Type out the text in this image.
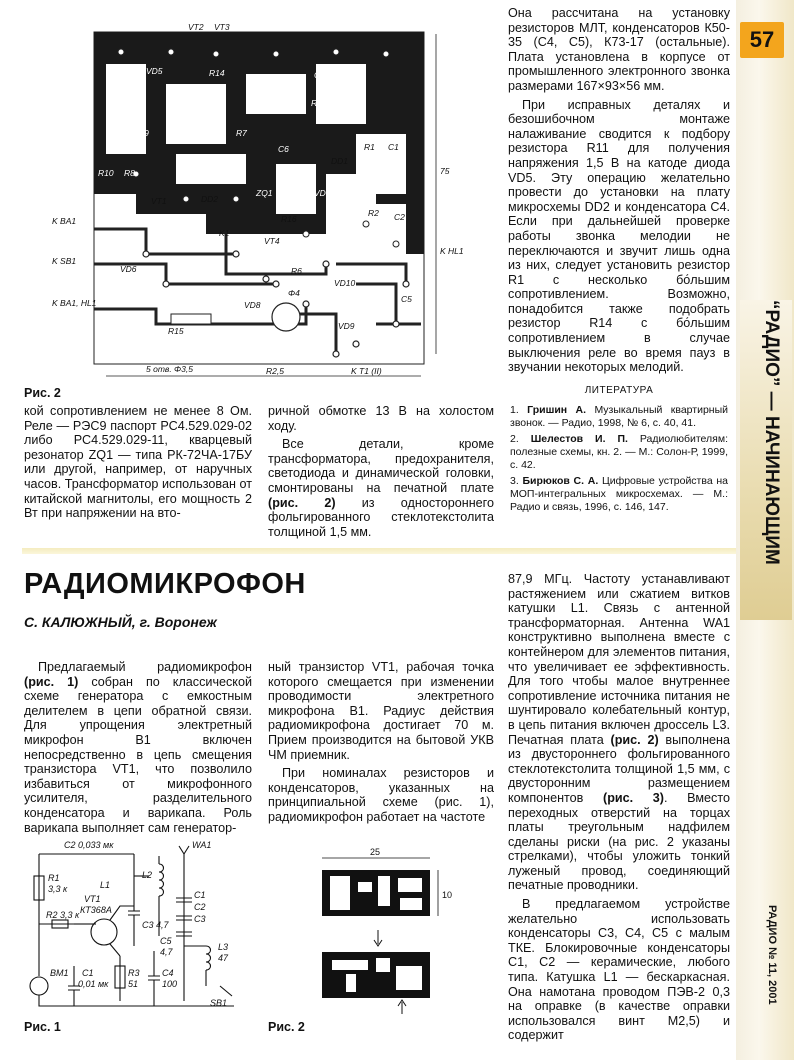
57
“РАДИО” — НАЧИНАЮЩИМ
РАДИО № 11, 2001
VT2 VT3
R11
VD5	R14
R13	C3
VD7
R5
VD2
R12
R9	R7
C4
C6
DD1
R1 C1
R10 R8
VT1	DD2
ZQ1
R16
VD3
R4
VD1
R2 C2
K BA1
K SB1
VD6
K1
VT4
R6
VD10
VD8
Φ4
C5
K BA1, HL1
R15	VD9
K T1 (II)
5 отв. Φ3,5	R2,5
75
K HL1
Рис. 2

кой сопротивлением не менее 8 Ом. Реле — РЭС9 паспорт РС4.529.029-02 либо РС4.529.029-11, кварцевый резонатор ZQ1 — типа РК-72ЧА-17БУ или другой, например, от наручных часов. Трансформатор использован от китайской магнитолы, его мощность 2 Вт при напряжении на вто-

ричной обмотке 13 В на холостом ходу.

Все детали, кроме трансформатора, предохранителя, светодиода и динамической головки, смонтированы на печатной плате (рис. 2) из одностороннего фольгированного стеклотекстолита толщиной 1,5 мм.

Она рассчитана на установку резисторов МЛТ, конденсаторов К50-35 (С4, С5), К73-17 (остальные). Плата установлена в корпусе от промышленного электронного звонка размерами 167×93×56 мм.

При исправных деталях и безошибочном монтаже налаживание сводится к подбору резистора R11 для получения напряжения 1,5 В на катоде диода VD5. Эту операцию желательно провести до установки на плату микросхемы DD2 и конденсатора С4. Если при дальнейшей проверке работы звонка мелодии не переключаются и звучит лишь одна из них, следует установить резистор R1 с несколько бо́льшим сопротивлением. Возможно, понадобится также подобрать резистор R14 с бо́льшим сопротивлением в случае выключения реле во время пауз в звучании некоторых мелодий.

ЛИТЕРАТУРА

1. Гришин А. Музыкальный квартирный звонок. — Радио, 1998, № 6, с. 40, 41.

2. Шелестов И. П. Радиолюбителям: полезные схемы, кн. 2. — М.: Солон-Р, 1999, с. 42.

3. Бирюков С. А. Цифровые устройства на МОП-интегральных микросхемах. — М.: Радио и связь, 1996, с. 146, 147.

РАДИОМИКРОФОН
С. КАЛЮЖНЫЙ, г. Воронеж

Предлагаемый радиомикрофон (рис. 1) собран по классической схеме генератора с емкостным делителем в цепи обратной связи. Для упрощения электретный микрофон В1 включен непосредственно в цепь смещения транзистора VT1, что позволило избавиться от микрофонного усилителя, разделительного конденсатора и варикапа. Роль варикапа выполняет сам генератор-

ный транзистор VT1, рабочая точка которого смещается при изменении проводимости электретного микрофона В1. Радиус действия радиомикрофона достигает 70 м. Прием производится на бытовой УКВ ЧМ приемник.

При номиналах резисторов и конденсаторов, указанных на принципиальной схеме (рис. 1), радиомикрофон работает на частоте

87,9 МГц. Частоту устанавливают растяжением или сжатием витков катушки L1. Связь с антенной трансформаторная. Антенна WA1 конструктивно выполнена вместе с контейнером для элементов питания, что увеличивает ее эффективность. Для того чтобы малое внутреннее сопротивление источника питания не шунтировало колебательный контур, в цепь питания включен дроссель L3. Печатная плата (рис. 2) выполнена из двустороннего фольгированного стеклотекстолита толщиной 1,5 мм, с двусторонним размещением компонентов (рис. 3). Вместо переходных отверстий на торцах платы треугольным надфилем сделаны риски (на рис. 2 указаны стрелками), чтобы уложить тонкий луженый провод, соединяющий печатные проводники.

В предлагаемом устройстве желательно использовать конденсаторы С3, С4, С5 с малым ТКЕ. Блокировочные конденсаторы С1, С2 — керамические, любого типа. Катушка L1 — бескаркасная. Она намотана проводом ПЭВ-2 0,3 на оправке (в качестве оправки использовался винт М2,5) и содержит

C2 0,033 мк
R1
3,3 к	L1
VT1
КТ368А
L2
WA1
C1
C2
C3
C3 4,7
C5
4,7
R2 3,3 к
L3
47
BM1 C1
0,01 мк
R3
51
C4
100
SB1
Рис. 1
25
10
Рис. 2
